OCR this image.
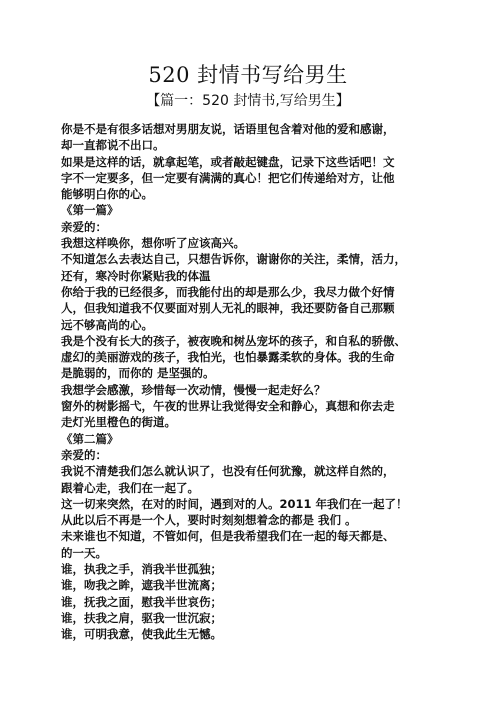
520 封情书写给男生
【篇一：520 封情书,写给男生】
你是不是有很多话想对男朋友说，话语里包含着对他的爱和感谢，
却一直都说不出口。
如果是这样的话，就拿起笔，或者敲起键盘，记录下这些话吧！文
字不一定要多，但一定要有满满的真心！把它们传递给对方，让他
能够明白你的心。
《第一篇》
亲爱的：
我想这样唤你，想你听了应该高兴。
不知道怎么去表达自己，只想告诉你，谢谢你的关注，柔情，活力，
还有，寒冷时你紧贴我的体温
你给于我的已经很多，而我能付出的却是那么少，我尽力做个好情
人，但我知道我不仅要面对别人无礼的眼神，我还要防备自己那颗
远不够高尚的心。
我是个没有长大的孩子，被夜晚和树丛宠坏的孩子，和自私的骄傲、
虚幻的美丽游戏的孩子，我怕光，也怕暴露柔软的身体。我的生命
是脆弱的，而你的 是坚强的。
我想学会感激，珍惜每一次动情，慢慢一起走好么？
窗外的树影摇弋，午夜的世界让我觉得安全和静心，真想和你去走
走灯光里橙色的街道。
《第二篇》
亲爱的：
我说不清楚我们怎么就认识了，也没有任何犹豫，就这样自然的，
跟着心走，我们在一起了。
这一切来突然，在对的时间，遇到对的人。2011 年我们在一起了！
从此以后不再是一个人，要时时刻刻想着念的都是 我们 。
未来谁也不知道，不管如何，但是我希望我们在一起的每天都是、
的一天。
谁，执我之手，消我半世孤独；
谁，吻我之眸，遮我半世流离；
谁，抚我之面，慰我半世哀伤；
谁，扶我之肩，驱我一世沉寂；
谁，可明我意，使我此生无憾。
